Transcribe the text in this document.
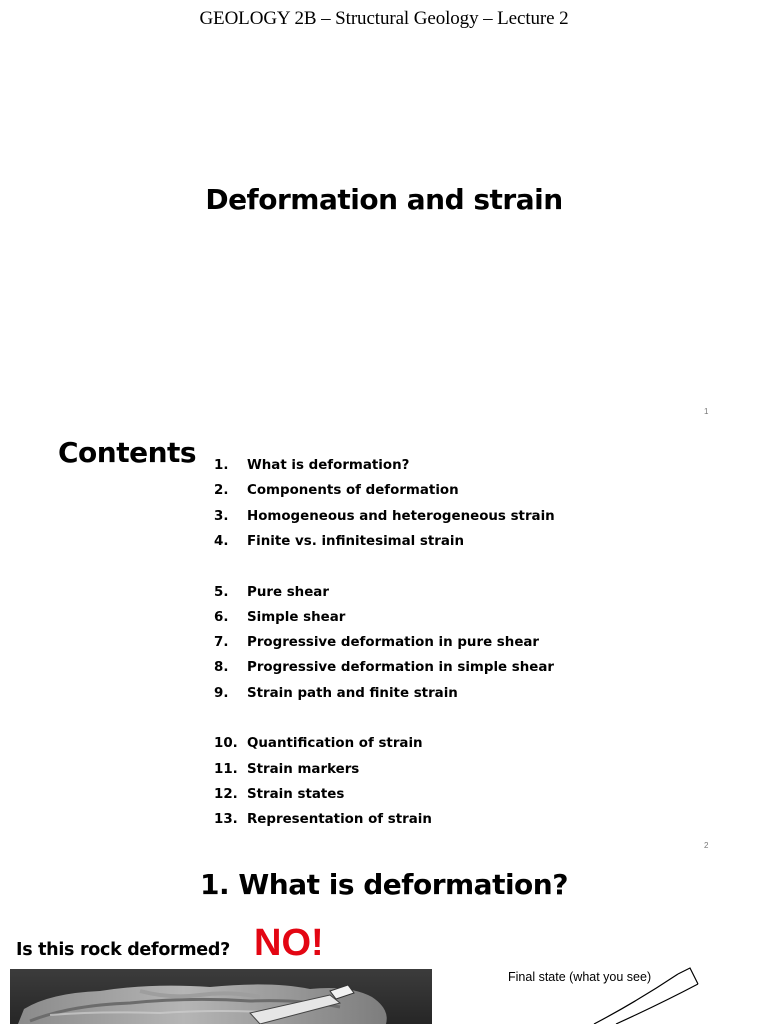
GEOLOGY 2B – Structural Geology – Lecture 2
Deformation and strain
1
Contents 1.	What is deformation?
2.	Components of deformation
3.	Homogeneous and heterogeneous strain
4.	Finite vs. infinitesimal strain
5.	Pure shear
6.	Simple shear
7.	Progressive deformation in pure shear
8.	Progressive deformation in simple shear
9.	Strain path and finite strain
10. Quantification of strain
11. Strain markers
12. Strain states
13. Representation of strain
2
1. What is deformation?
Is this rock deformed? NO!
Final state (what you see)
